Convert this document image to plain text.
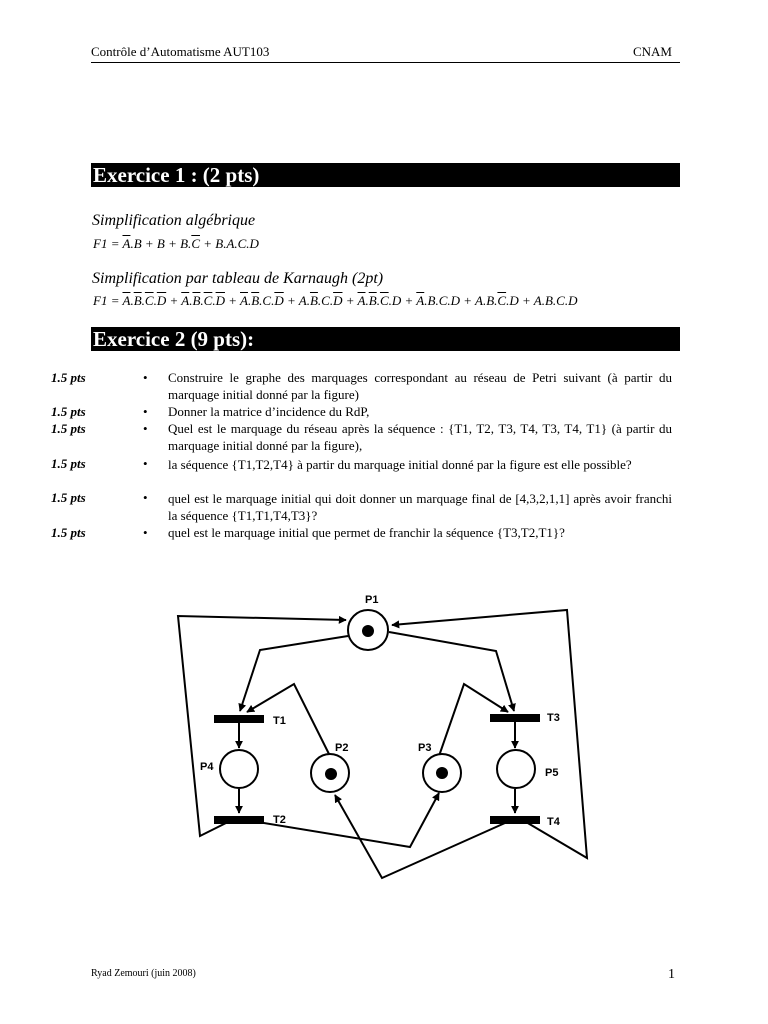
Contrôle d’Automatisme AUT103	CNAM
Exercice 1 : (2 pts)
Simplification algébrique
$F1 = \overline{A}.B + B + B.\overline{C} + B.A.C.D$
Simplification par tableau de Karnaugh (2pt)
$F1 = \overline{A}.\overline{B}.\overline{C}.\overline{D} + \overline{A}.\overline{B}.\overline{C}.\overline{D} + \overline{A}.\overline{B}.C.\overline{D} + A.\overline{B}.C.\overline{D} + \overline{A}.\overline{B}.\overline{C}.D + \overline{A}.B.C.D + A.B.\overline{C}.D + A.B.C.D$
Exercice 2 (9 pts):
1.5 pts	• Construire le graphe des marquages correspondant au réseau de Petri suivant (à partir du marquage initial donné par la figure)
1.5 pts	• Donner la matrice d’incidence du RdP,
1.5 pts	• Quel est le marquage du réseau après la séquence : {T1, T2, T3, T4, T3, T4, T1} (à partir du marquage initial donné par la figure),
1.5 pts	• la séquence {T1,T2,T4} à partir du marquage initial donné par la figure est elle possible?
1.5 pts	• quel est le marquage initial qui doit donner un marquage final de [4,3,2,1,1] après avoir franchi la séquence {T1,T1,T4,T3}?
1.5 pts	• quel est le marquage initial que permet de franchir la séquence {T3,T2,T1}?
P1
P2	P3
P4	P5
T1
T2
T3
T4
Ryad Zemouri (juin 2008)	1
